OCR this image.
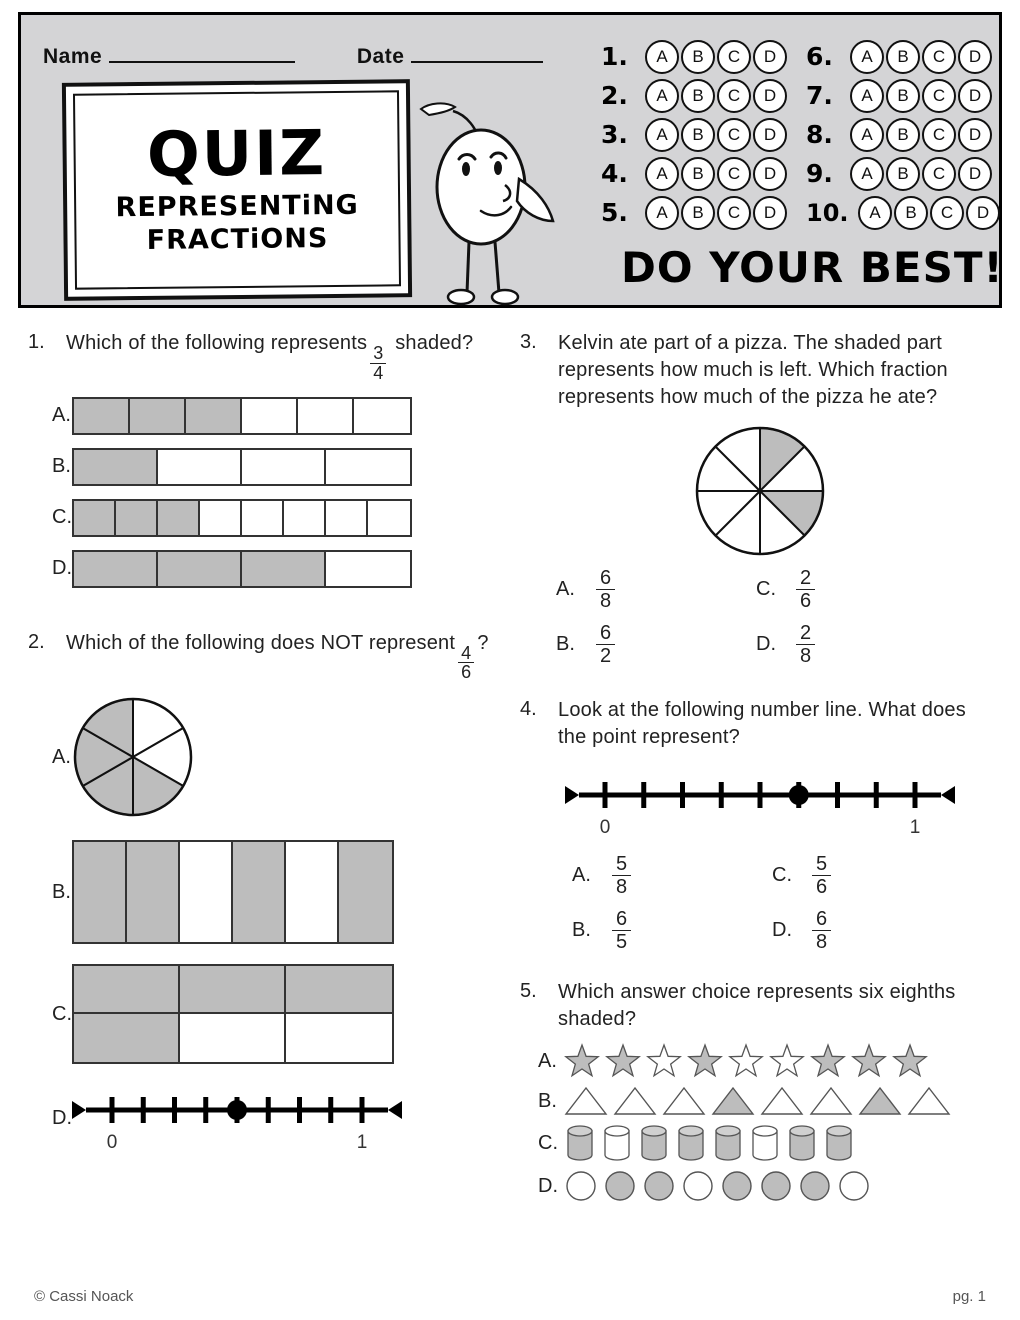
Name	Date
QUIZ
REPRESENTiNG
FRACTiONS
1.	A	B	C	D	6.	A	B	C	D
2.	A	B	C	D	7.	A	B	C	D
3.	A	B	C	D	8.	A	B	C	D
4.	A	B	C	D	9.	A	B	C	D
5.	A	B	C	D	10.	A	B	C	D
DO YOUR BEST!
1.	Which of the following represents
$\frac{3}{4}$
shaded?
A.
B.
C.
D.
2.	Which of the following does NOT represent
$\frac{4}{6}$
?
A.
B.
C.
D.
0	1
3.	Kelvin ate part of a pizza. The shaded part represents how much is left. Which fraction represents how much of the pizza he ate?
A.	$\frac{6}{8}$	C.	$\frac{2}{6}$
B.	$\frac{6}{2}$	D.	$\frac{2}{8}$
4.	Look at the following number line. What does the point represent?
0	1
A.	$\frac{5}{8}$	C.	$\frac{5}{6}$
B.	$\frac{6}{5}$	D.	$\frac{6}{8}$
5.	Which answer choice represents six eighths shaded?
A.
B.
C.
D.
© Cassi Noack	pg. 1
